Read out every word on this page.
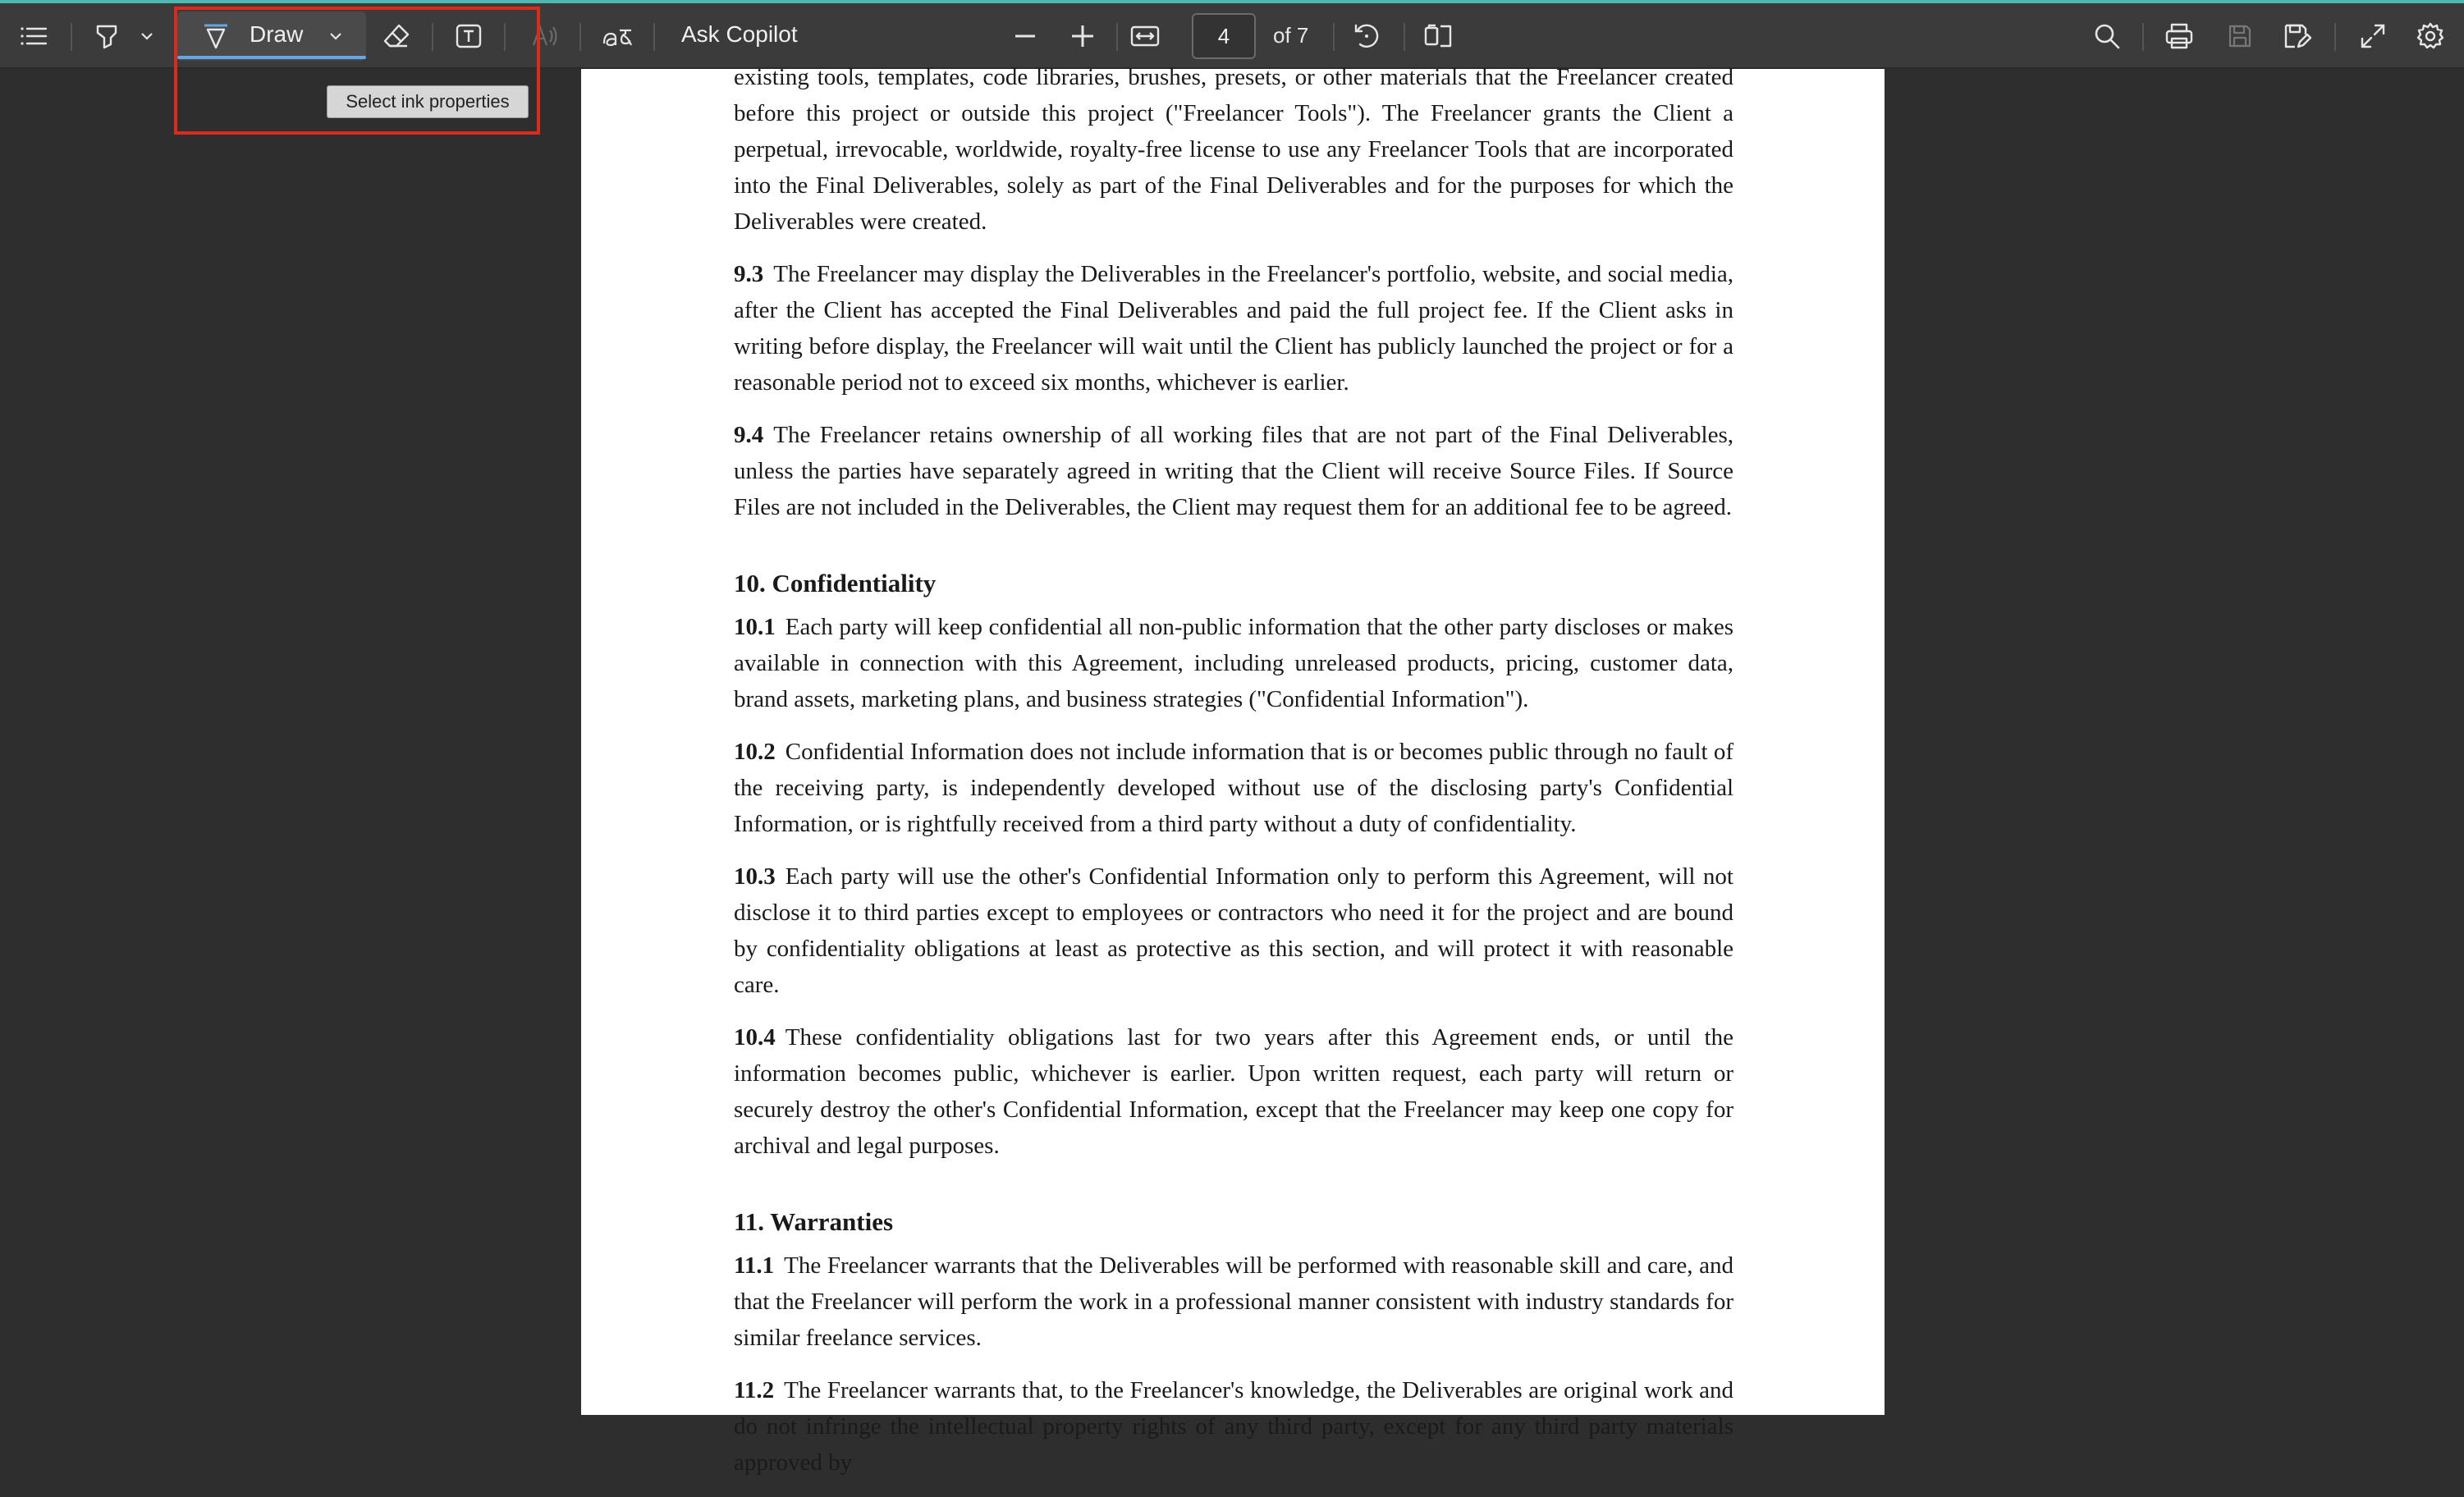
Draw	Ask Copilot	4	of 7
Select ink properties

existing tools, templates, code libraries, brushes, presets, or other materials that the Freelancer created before this project or outside this project ("Freelancer Tools"). The Freelancer grants the Client a perpetual, irrevocable, worldwide, royalty-free license to use any Freelancer Tools that are incorporated into the Final Deliverables, solely as part of the Final Deliverables and for the purposes for which the Deliverables were created.

9.3 The Freelancer may display the Deliverables in the Freelancer's portfolio, website, and social media, after the Client has accepted the Final Deliverables and paid the full project fee. If the Client asks in writing before display, the Freelancer will wait until the Client has publicly launched the project or for a reasonable period not to exceed six months, whichever is earlier.

9.4 The Freelancer retains ownership of all working files that are not part of the Final Deliverables, unless the parties have separately agreed in writing that the Client will receive Source Files. If Source Files are not included in the Deliverables, the Client may request them for an additional fee to be agreed.

10. Confidentiality

10.1 Each party will keep confidential all non-public information that the other party discloses or makes available in connection with this Agreement, including unreleased products, pricing, customer data, brand assets, marketing plans, and business strategies ("Confidential Information").

10.2 Confidential Information does not include information that is or becomes public through no fault of the receiving party, is independently developed without use of the disclosing party's Confidential Information, or is rightfully received from a third party without a duty of confidentiality.

10.3 Each party will use the other's Confidential Information only to perform this Agreement, will not disclose it to third parties except to employees or contractors who need it for the project and are bound by confidentiality obligations at least as protective as this section, and will protect it with reasonable care.

10.4 These confidentiality obligations last for two years after this Agreement ends, or until the information becomes public, whichever is earlier. Upon written request, each party will return or securely destroy the other's Confidential Information, except that the Freelancer may keep one copy for archival and legal purposes.

11. Warranties

11.1 The Freelancer warrants that the Deliverables will be performed with reasonable skill and care, and that the Freelancer will perform the work in a professional manner consistent with industry standards for similar freelance services.

11.2 The Freelancer warrants that, to the Freelancer's knowledge, the Deliverables are original work and do not infringe the intellectual property rights of any third party, except for any third party materials approved by
